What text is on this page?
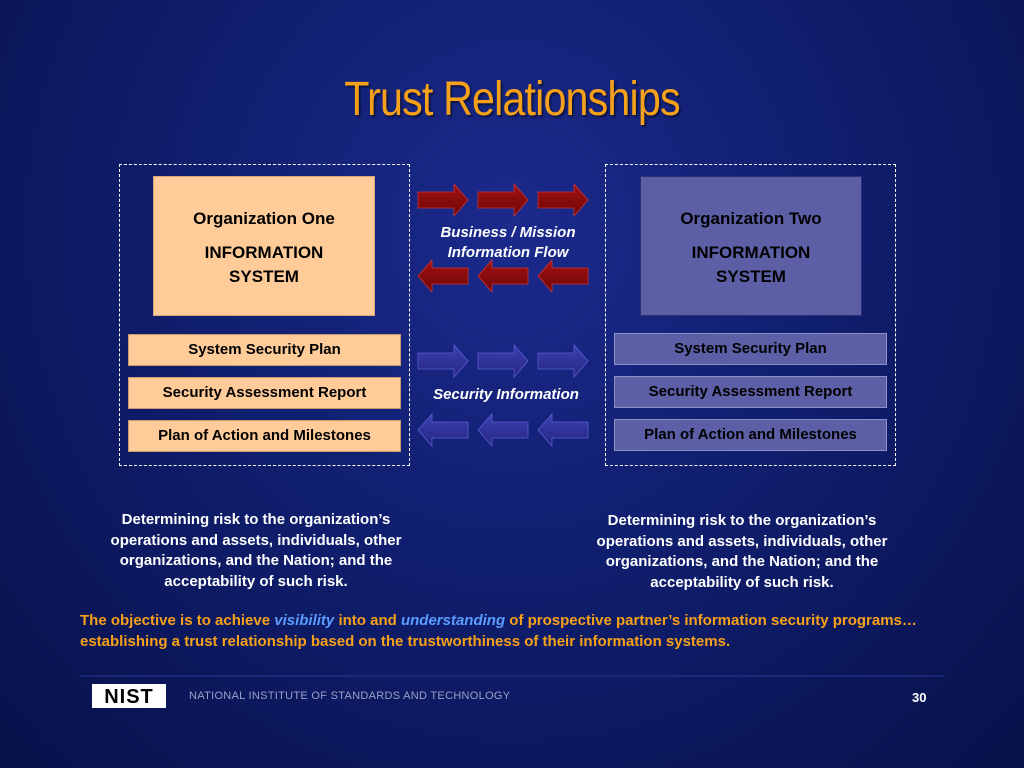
Trust Relationships
Organization One
INFORMATION SYSTEM
System Security Plan
Security Assessment Report
Plan of Action and Milestones
Organization Two
INFORMATION SYSTEM
System Security Plan
Security Assessment Report
Plan of Action and Milestones
Business / Mission
Information Flow
Security Information
Determining risk to the organization’s operations and assets, individuals, other organizations, and the Nation; and the acceptability of such risk.
Determining risk to the organization’s operations and assets, individuals, other organizations, and the Nation; and the acceptability of such risk.
The objective is to achieve visibility into and understanding of prospective partner’s information security programs…establishing a trust relationship based on the trustworthiness of their information systems.
NIST	NATIONAL INSTITUTE OF STANDARDS AND TECHNOLOGY	30
